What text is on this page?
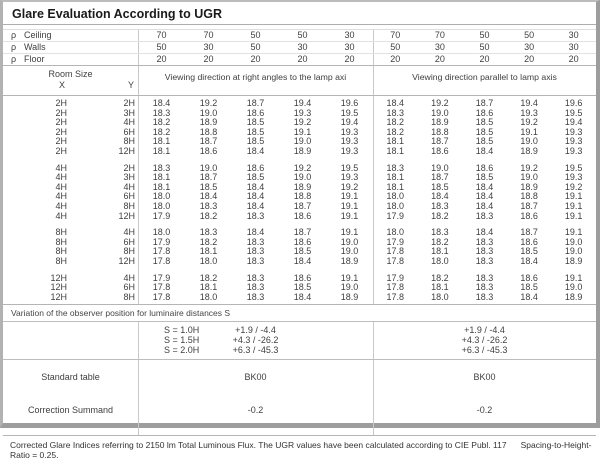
Glare Evaluation According to UGR
ρ Ceiling	70	70	50	50	30	70	70	50	50	30
ρ Walls	50	30	50	30	30	50	30	50	30	30
ρ Floor	20	20	20	20	20	20	20	20	20	20
Room Size
X	Y
Viewing direction at right angles to the lamp axi	Viewing direction parallel to lamp axis
2H	2H	18.4	19.2	18.7	19.4	19.6	18.4	19.2	18.7	19.4	19.6
2H	3H	18.3	19.0	18.6	19.3	19.5	18.3	19.0	18.6	19.3	19.5
2H	4H	18.2	18.9	18.5	19.2	19.4	18.2	18.9	18.5	19.2	19.4
2H	6H	18.2	18.8	18.5	19.1	19.3	18.2	18.8	18.5	19.1	19.3
2H	8H	18.1	18.7	18.5	19.0	19.3	18.1	18.7	18.5	19.0	19.3
2H	12H	18.1	18.6	18.4	18.9	19.3	18.1	18.6	18.4	18.9	19.3
4H	2H	18.3	19.0	18.6	19.2	19.5	18.3	19.0	18.6	19.2	19.5
4H	3H	18.1	18.7	18.5	19.0	19.3	18.1	18.7	18.5	19.0	19.3
4H	4H	18.1	18.5	18.4	18.9	19.2	18.1	18.5	18.4	18.9	19.2
4H	6H	18.0	18.4	18.4	18.8	19.1	18.0	18.4	18.4	18.8	19.1
4H	8H	18.0	18.3	18.4	18.7	19.1	18.0	18.3	18.4	18.7	19.1
4H	12H	17.9	18.2	18.3	18.6	19.1	17.9	18.2	18.3	18.6	19.1
8H	4H	18.0	18.3	18.4	18.7	19.1	18.0	18.3	18.4	18.7	19.1
8H	6H	17.9	18.2	18.3	18.6	19.0	17.9	18.2	18.3	18.6	19.0
8H	8H	17.8	18.1	18.3	18.5	19.0	17.8	18.1	18.3	18.5	19.0
8H	12H	17.8	18.0	18.3	18.4	18.9	17.8	18.0	18.3	18.4	18.9
12H	4H	17.9	18.2	18.3	18.6	19.1	17.9	18.2	18.3	18.6	19.1
12H	6H	17.8	18.1	18.3	18.5	19.0	17.8	18.1	18.3	18.5	19.0
12H	8H	17.8	18.0	18.3	18.4	18.9	17.8	18.0	18.3	18.4	18.9
Variation of the observer position for luminaire distances S
S = 1.0H	+1.9 / -4.4	+1.9 / -4.4
S = 1.5H	+4.3 / -26.2	+4.3 / -26.2
S = 2.0H	+6.3 / -45.3	+6.3 / -45.3
Standard table	BK00	BK00
Correction Summand	-0.2	-0.2
Corrected Glare Indices referring to 2150 lm Total Luminous Flux. The UGR values have been calculated according to CIE Publ. 117 Spacing-to-Height-Ratio = 0.25.
